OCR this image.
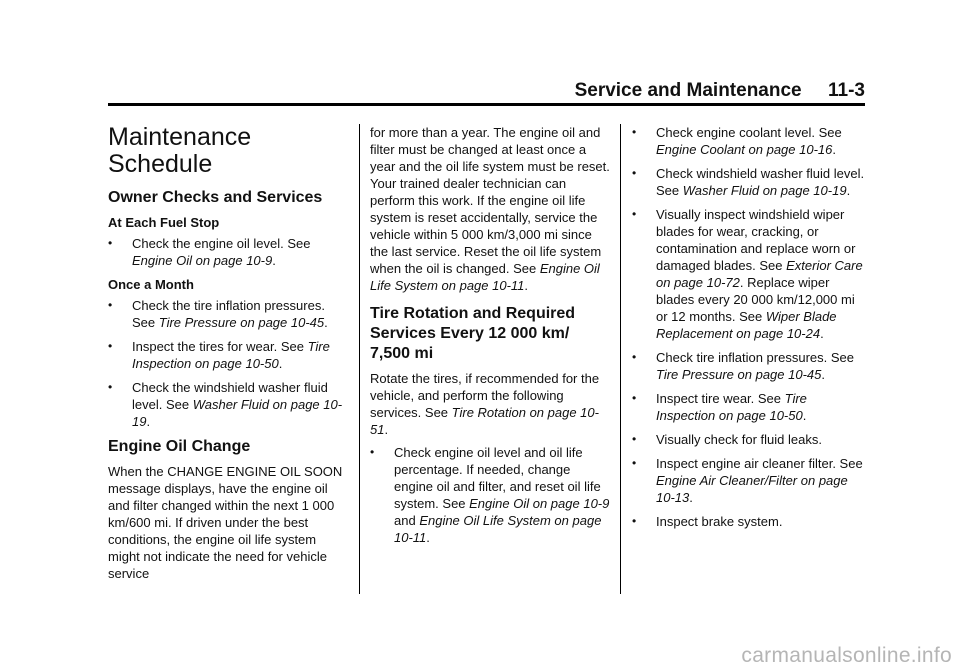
Service and Maintenance     11-3
Maintenance
Schedule
Owner Checks and Services
At Each Fuel Stop
• Check the engine oil level. See Engine Oil on page 10-9.
Once a Month
• Check the tire inflation pressures. See Tire Pressure on page 10-45.
• Inspect the tires for wear. See Tire Inspection on page 10-50.
• Check the windshield washer fluid level. See Washer Fluid on page 10-19.
Engine Oil Change

When the CHANGE ENGINE OIL SOON message displays, have the engine oil and filter changed within the next 1 000 km/600 mi. If driven under the best conditions, the engine oil life system might not indicate the need for vehicle service

for more than a year. The engine oil and filter must be changed at least once a year and the oil life system must be reset. Your trained dealer technician can perform this work. If the engine oil life system is reset accidentally, service the vehicle within 5 000 km/3,000 mi since the last service. Reset the oil life system when the oil is changed. See Engine Oil Life System on page 10-11.

Tire Rotation and Required Services Every 12 000 km/ 7,500 mi

Rotate the tires, if recommended for the vehicle, and perform the following services. See Tire Rotation on page 10-51.

• Check engine oil level and oil life percentage. If needed, change engine oil and filter, and reset oil life system. See Engine Oil on page 10-9 and Engine Oil Life System on page 10-11.
• Check engine coolant level. See Engine Coolant on page 10-16.
• Check windshield washer fluid level. See Washer Fluid on page 10-19.
• Visually inspect windshield wiper blades for wear, cracking, or contamination and replace worn or damaged blades. See Exterior Care on page 10-72. Replace wiper blades every 20 000 km/12,000 mi or 12 months. See Wiper Blade Replacement on page 10-24.
• Check tire inflation pressures. See Tire Pressure on page 10-45.
• Inspect tire wear. See Tire Inspection on page 10-50.
• Visually check for fluid leaks.
• Inspect engine air cleaner filter. See Engine Air Cleaner/Filter on page 10-13.
• Inspect brake system.
carmanualsonline.info
